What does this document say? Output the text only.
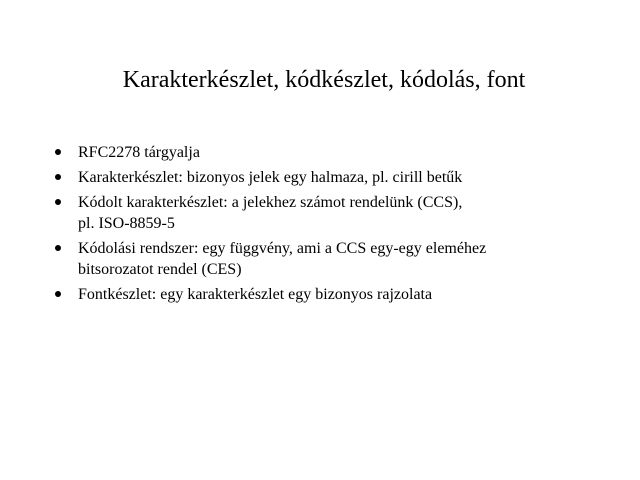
Karakterkészlet, kódkészlet, kódolás, font
RFC2278 tárgyalja
Karakterkészlet: bizonyos jelek egy halmaza, pl. cirill betűk
Kódolt karakterkészlet: a jelekhez számot rendelünk (CCS),
pl. ISO-8859-5
Kódolási rendszer: egy függvény, ami a CCS egy-egy eleméhez
bitsorozatot rendel (CES)
Fontkészlet: egy karakterkészlet egy bizonyos rajzolata
